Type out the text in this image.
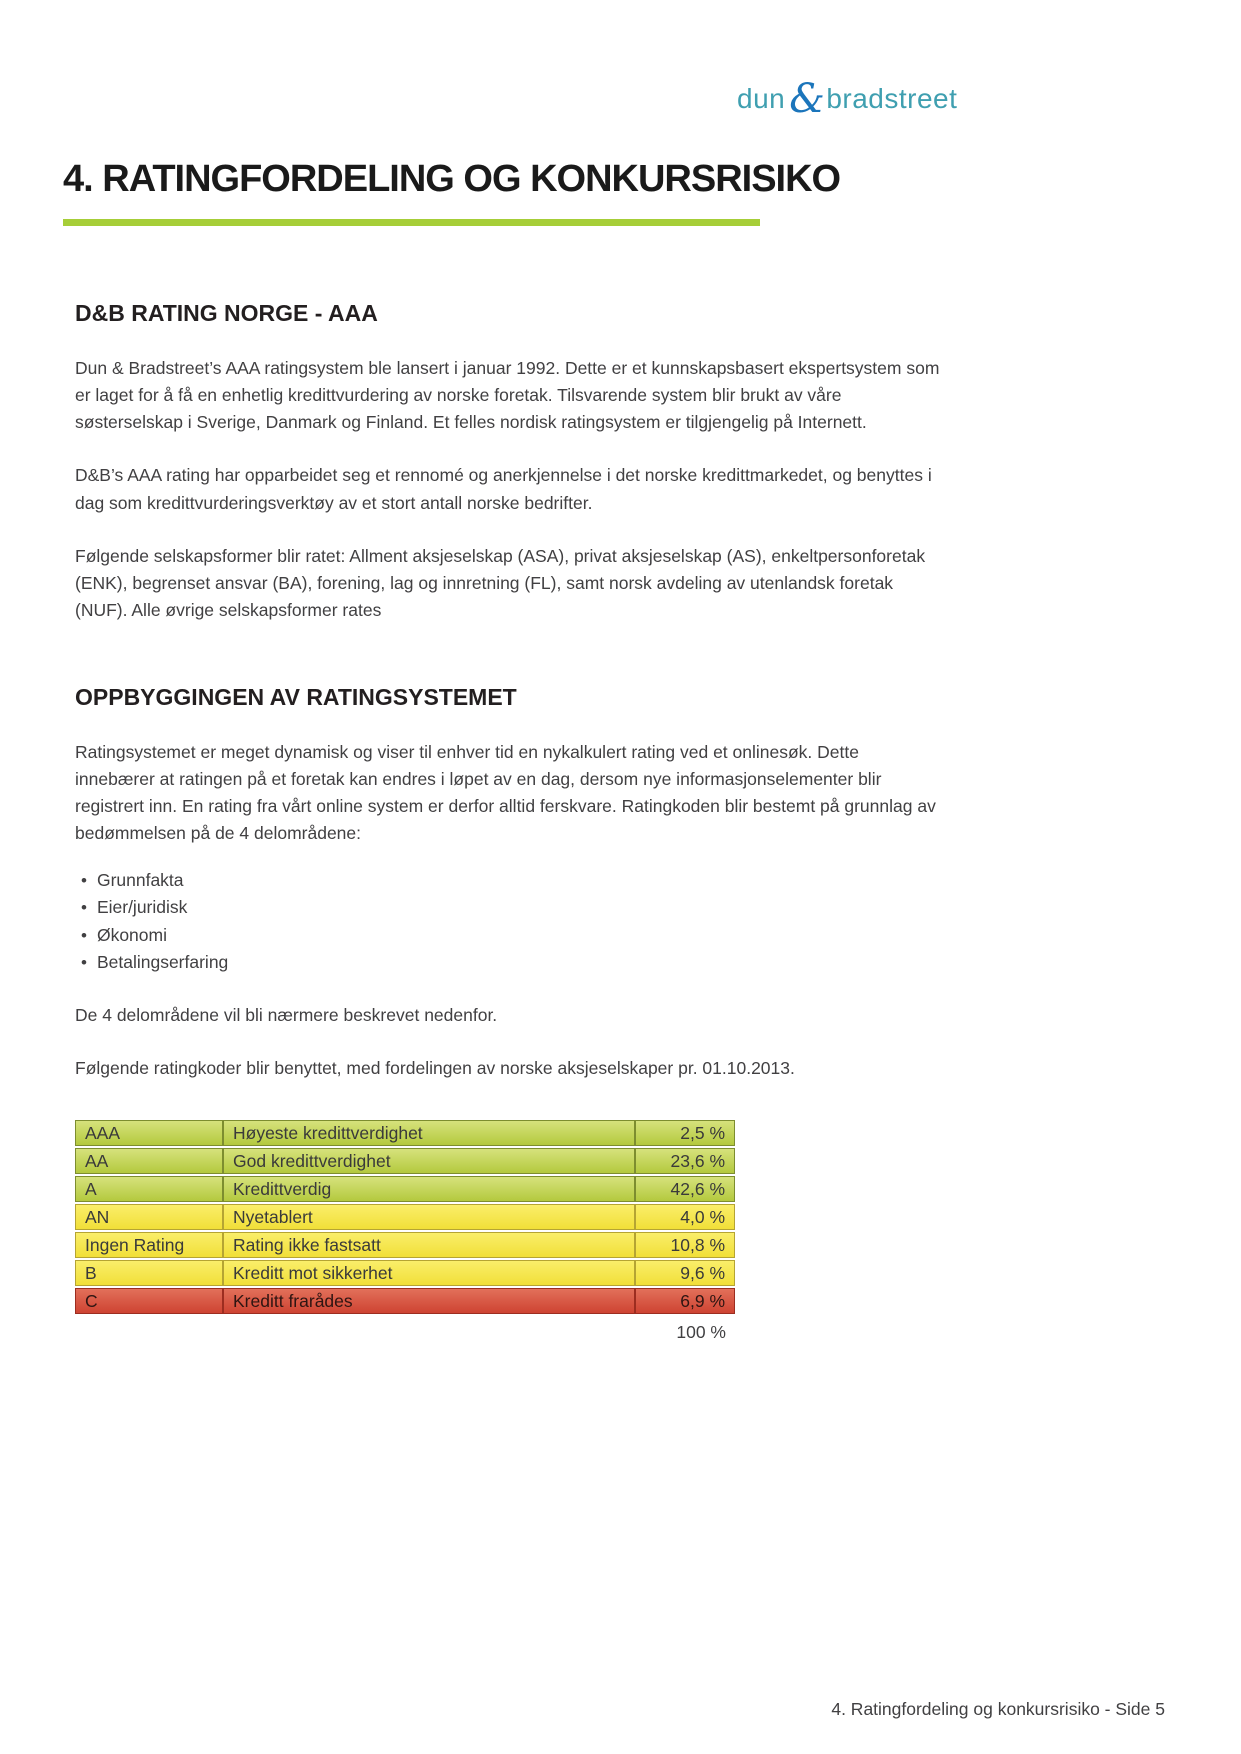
dun &bradstreet
4. RATINGFORDELING OG KONKURSRISIKO
D&B RATING NORGE - AAA

Dun & Bradstreet’s AAA ratingsystem ble lansert i januar 1992. Dette er et kunnskapsbasert ekspertsystem som er laget for å få en enhetlig kredittvurdering av norske foretak. Tilsvarende system blir brukt av våre søsterselskap i Sverige, Danmark og Finland. Et felles nordisk ratingsystem er tilgjengelig på Internett.

D&B’s AAA rating har opparbeidet seg et rennomé og anerkjennelse i det norske kredittmarkedet, og benyttes i dag som kredittvurderingsverktøy av et stort antall norske bedrifter.

Følgende selskapsformer blir ratet: Allment aksjeselskap (ASA), privat aksjeselskap (AS), enkeltpersonforetak (ENK), begrenset ansvar (BA), forening, lag og innretning (FL), samt norsk avdeling av utenlandsk foretak (NUF). Alle øvrige selskapsformer rates

OPPBYGGINGEN AV RATINGSYSTEMET

Ratingsystemet er meget dynamisk og viser til enhver tid en nykalkulert rating ved et onlinesøk. Dette innebærer at ratingen på et foretak kan endres i løpet av en dag, dersom nye informasjonselementer blir registrert inn. En rating fra vårt online system er derfor alltid ferskvare. Ratingkoden blir bestemt på grunnlag av bedømmelsen på de 4 delområdene:

• Grunnfakta
• Eier/juridisk
• Økonomi
• Betalingserfaring

De 4 delområdene vil bli nærmere beskrevet nedenfor.

Følgende ratingkoder blir benyttet, med fordelingen av norske aksjeselskaper pr. 01.10.2013.

AAA	Høyeste kredittverdighet	2,5 %
AA	God kredittverdighet	23,6 %
A	Kredittverdig	42,6 %
AN	Nyetablert	4,0 %
Ingen Rating	Rating ikke fastsatt	10,8 %
B	Kreditt mot sikkerhet	9,6 %
C	Kreditt frarådes	6,9 %
100 %
4. Ratingfordeling og konkursrisiko - Side 5
